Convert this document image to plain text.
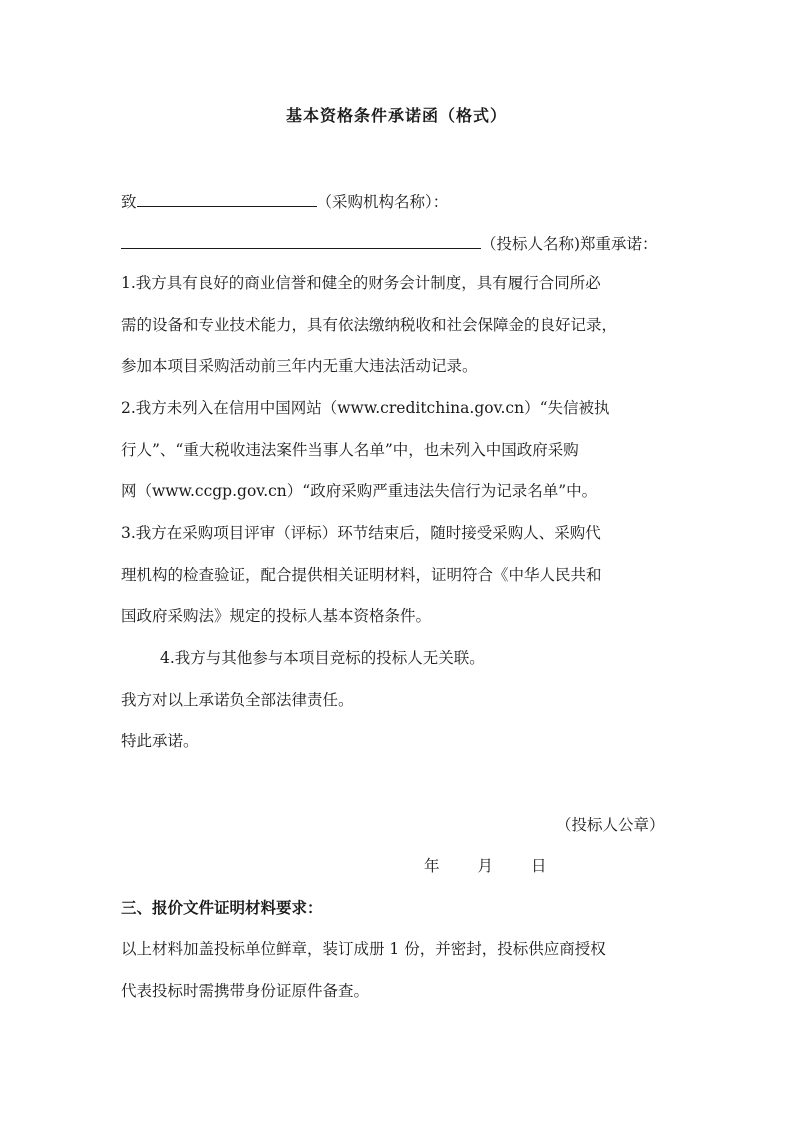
基本资格条件承诺函（格式）

致	（采购机构名称）：

（投标人名称)郑重承诺：

1.我方具有良好的商业信誉和健全的财务会计制度，具有履行合同所必

需的设备和专业技术能力，具有依法缴纳税收和社会保障金的良好记录，

参加本项目采购活动前三年内无重大违法活动记录。

2.我方未列入在信用中国网站（www.creditchina.gov.cn）“失信被执

行人”、“重大税收违法案件当事人名单”中，也未列入中国政府采购

网（www.ccgp.gov.cn）“政府采购严重违法失信行为记录名单”中。

3.我方在采购项目评审（评标）环节结束后，随时接受采购人、采购代

理机构的检查验证，配合提供相关证明材料，证明符合《中华人民共和

国政府采购法》规定的投标人基本资格条件。

4.我方与其他参与本项目竞标的投标人无关联。

我方对以上承诺负全部法律责任。

特此承诺。

（投标人公章）

年 月 日

三、报价文件证明材料要求：

以上材料加盖投标单位鲜章，装订成册 1 份，并密封，投标供应商授权

代表投标时需携带身份证原件备查。
